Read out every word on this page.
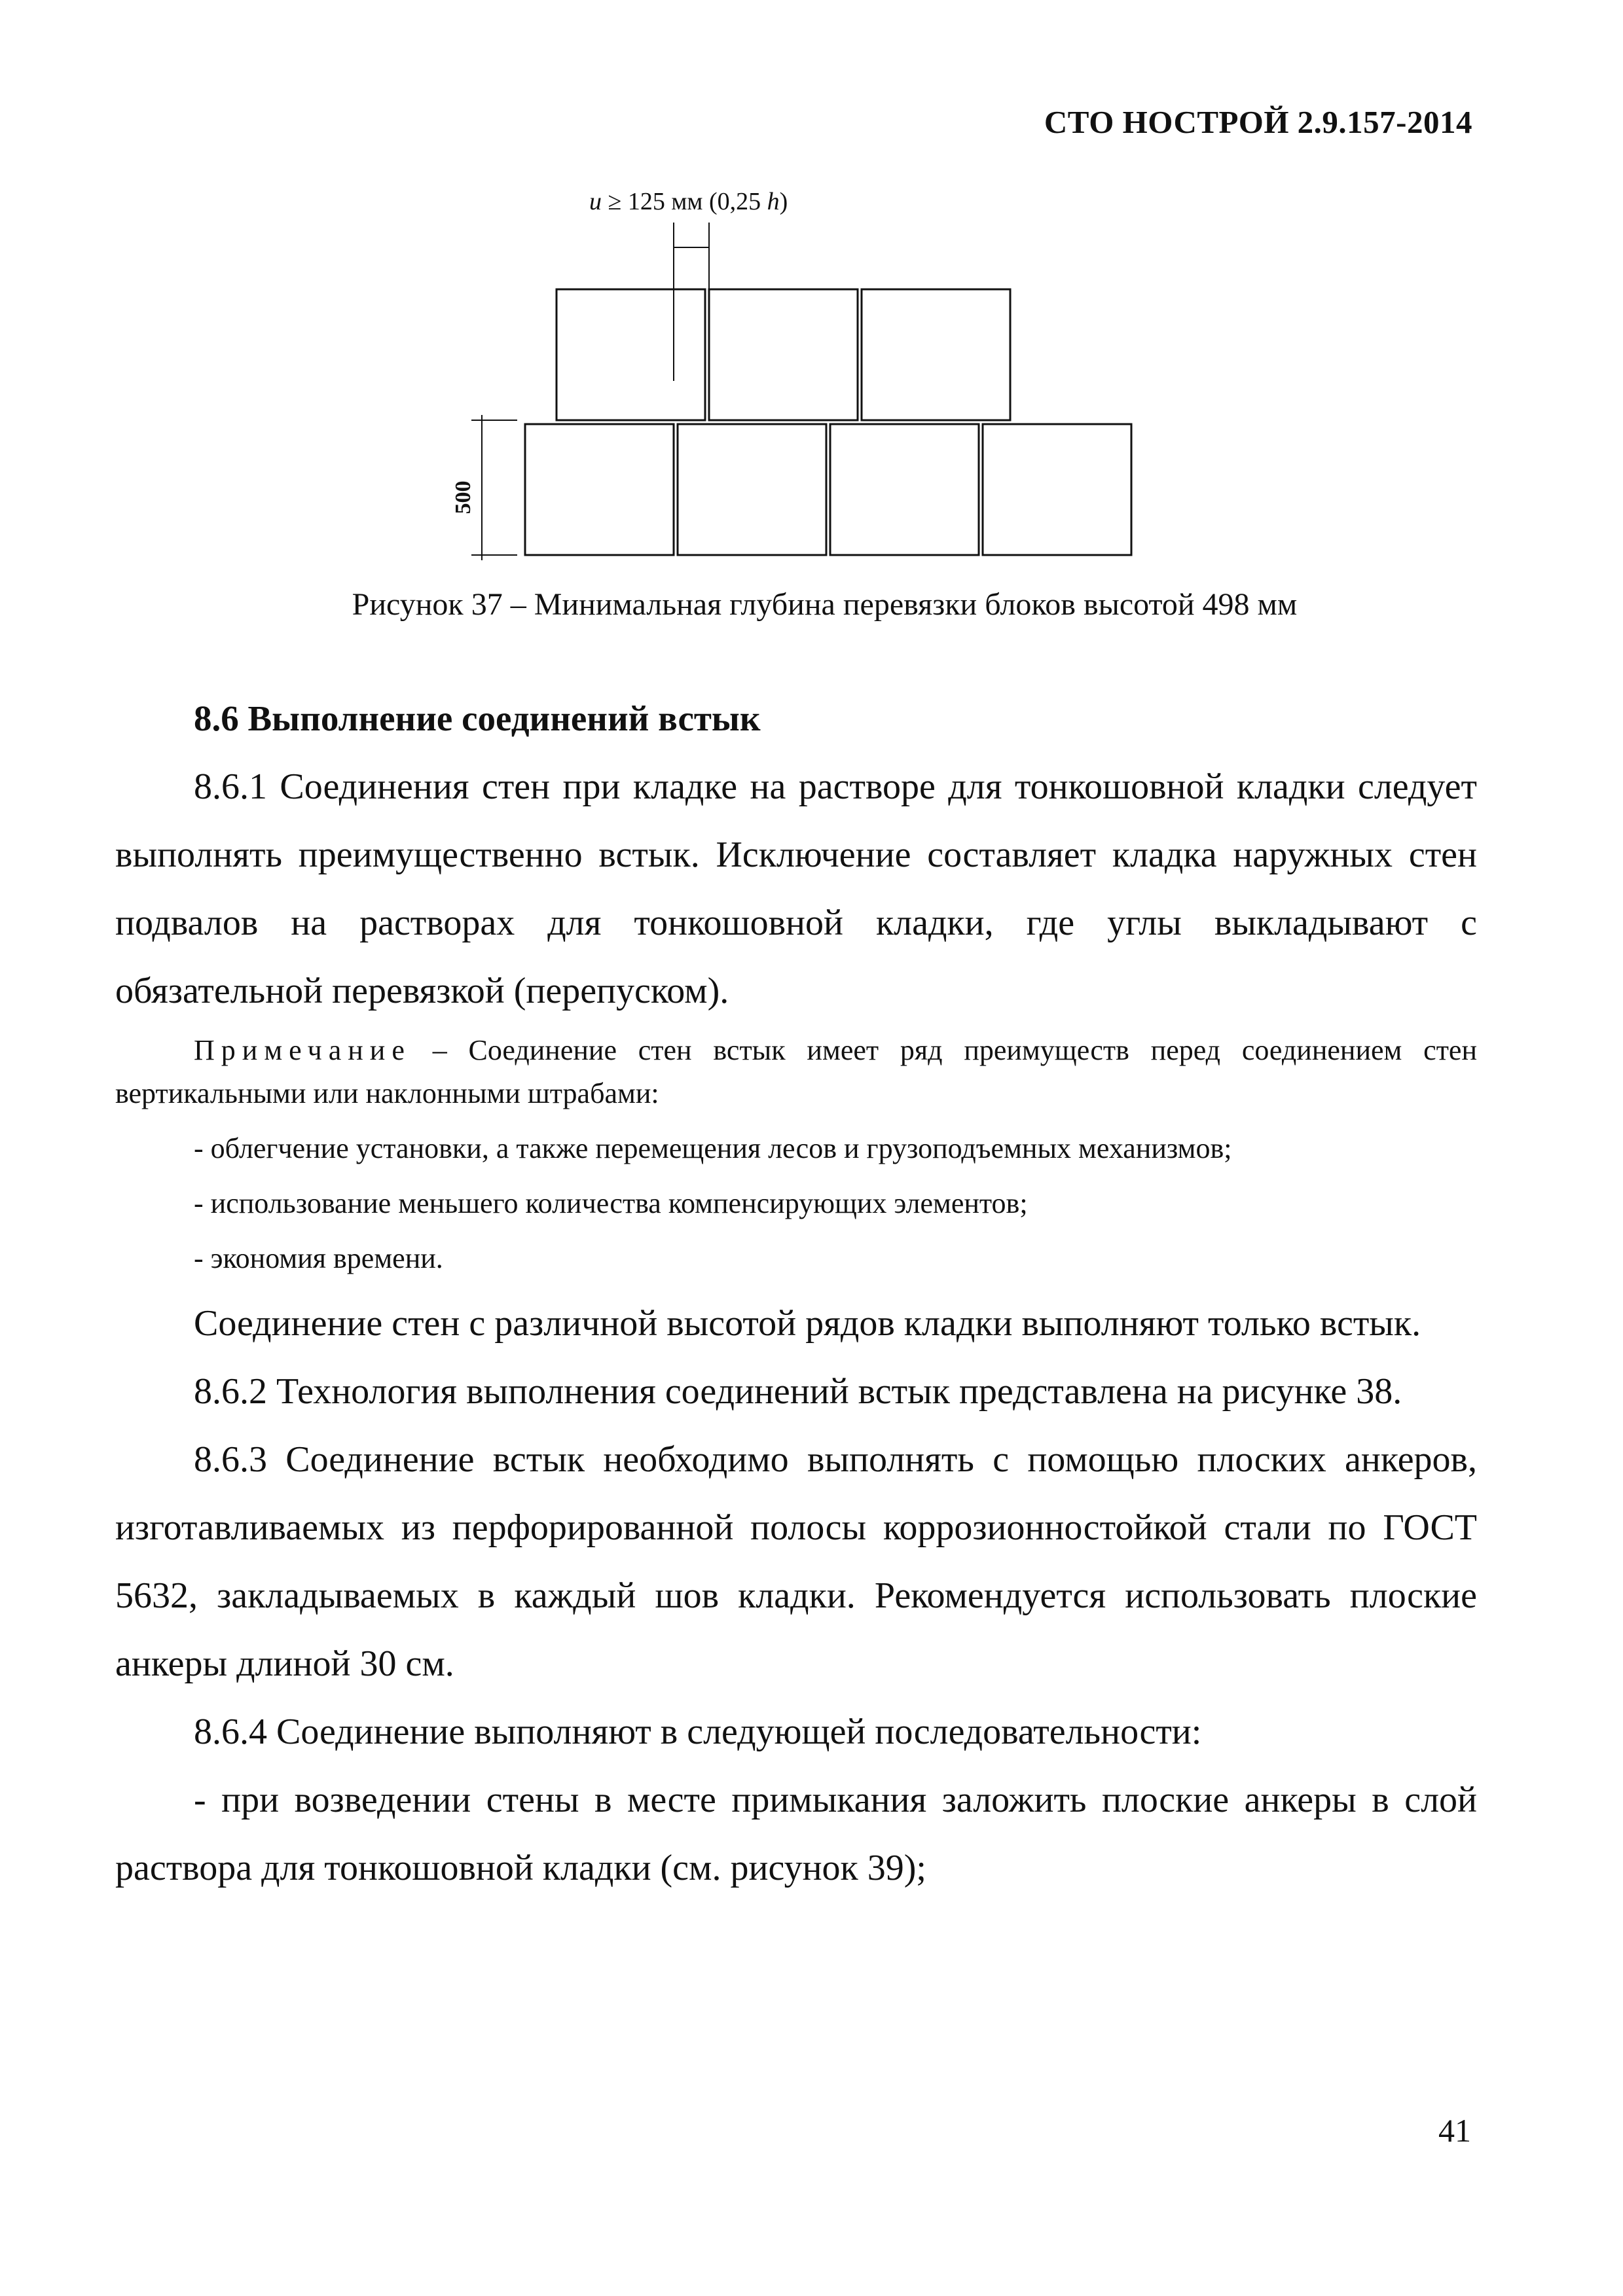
СТО НОСТРОЙ 2.9.157-2014
u ≥ 125 мм (0,25 h)
500
Рисунок 37 – Минимальная глубина перевязки блоков высотой 498 мм
8.6 Выполнение соединений встык

8.6.1 Соединения стен при кладке на растворе для тонкошовной кладки следует выполнять преимущественно встык. Исключение составляет кладка наружных стен подвалов на растворах для тонкошовной кладки, где углы выкладывают с обязательной перевязкой (перепуском).

Примечание – Соединение стен встык имеет ряд преимуществ перед соединением стен вертикальными или наклонными штрабами:

- облегчение установки, а также перемещения лесов и грузоподъемных механизмов;
- использование меньшего количества компенсирующих элементов;
- экономия времени.

Соединение стен с различной высотой рядов кладки выполняют только встык.

8.6.2 Технология выполнения соединений встык представлена на рисунке 38.

8.6.3 Соединение встык необходимо выполнять с помощью плоских анкеров, изготавливаемых из перфорированной полосы коррозионностойкой стали по ГОСТ 5632, закладываемых в каждый шов кладки. Рекомендуется использовать плоские анкеры длиной 30 см.

8.6.4 Соединение выполняют в следующей последовательности:

- при возведении стены в месте примыкания заложить плоские анкеры в слой раствора для тонкошовной кладки (см. рисунок 39);

41
